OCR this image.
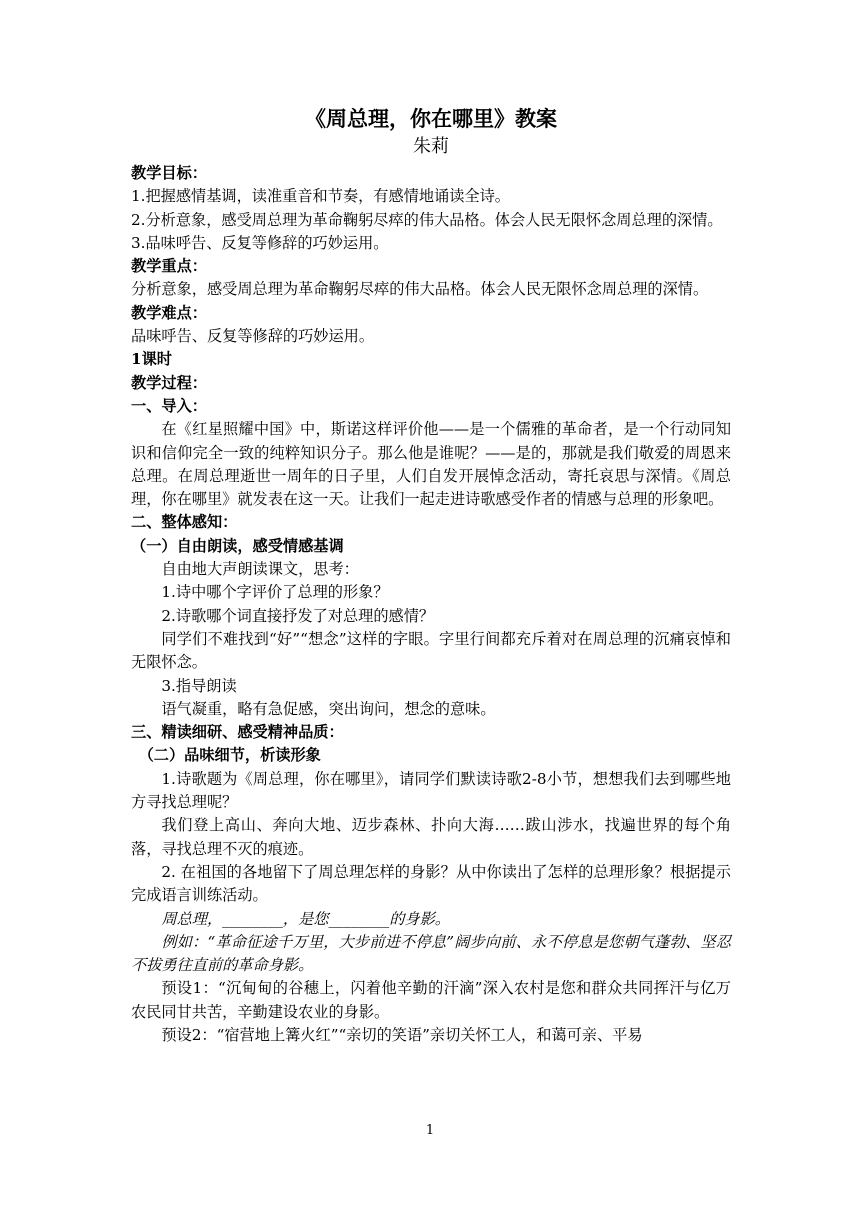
《周总理，你在哪里》教案

朱莉

教学目标：

1.把握感情基调，读准重音和节奏，有感情地诵读全诗。

2.分析意象，感受周总理为革命鞠躬尽瘁的伟大品格。体会人民无限怀念周总理的深情。

3.品味呼告、反复等修辞的巧妙运用。

教学重点：

分析意象，感受周总理为革命鞠躬尽瘁的伟大品格。体会人民无限怀念周总理的深情。

教学难点：

品味呼告、反复等修辞的巧妙运用。

1课时

教学过程：

一、导入：

在《红星照耀中国》中，斯诺这样评价他——是一个儒雅的革命者，是一个行动同知识和信仰完全一致的纯粹知识分子。那么他是谁呢？——是的，那就是我们敬爱的周恩来总理。在周总理逝世一周年的日子里，人们自发开展悼念活动，寄托哀思与深情。《周总理，你在哪里》就发表在这一天。让我们一起走进诗歌感受作者的情感与总理的形象吧。

二、整体感知：

（一）自由朗读，感受情感基调

自由地大声朗读课文，思考：

1.诗中哪个字评价了总理的形象？

2.诗歌哪个词直接抒发了对总理的感情？

同学们不难找到“好”“想念”这样的字眼。字里行间都充斥着对在周总理的沉痛哀悼和无限怀念。

3.指导朗读

语气凝重，略有急促感，突出询问，想念的意味。

三、精读细研、感受精神品质：

（二）品味细节，析读形象

1.诗歌题为《周总理，你在哪里》，请同学们默读诗歌2-8小节，想想我们去到哪些地方寻找总理呢？

我们登上高山、奔向大地、迈步森林、扑向大海……跋山涉水，找遍世界的每个角落，寻找总理不灭的痕迹。

2. 在祖国的各地留下了周总理怎样的身影？从中你读出了怎样的总理形象？根据提示完成语言训练活动。

周总理，________，是您________的身影。

例如：“革命征途千万里，大步前进不停息”阔步向前、永不停息是您朝气蓬勃、坚忍不拔勇往直前的革命身影。

预设1：“沉甸甸的谷穗上，闪着他辛勤的汗滴”深入农村是您和群众共同挥汗与亿万农民同甘共苦，辛勤建设农业的身影。

预设2：“宿营地上篝火红”“亲切的笑语”亲切关怀工人，和蔼可亲、平易

1
